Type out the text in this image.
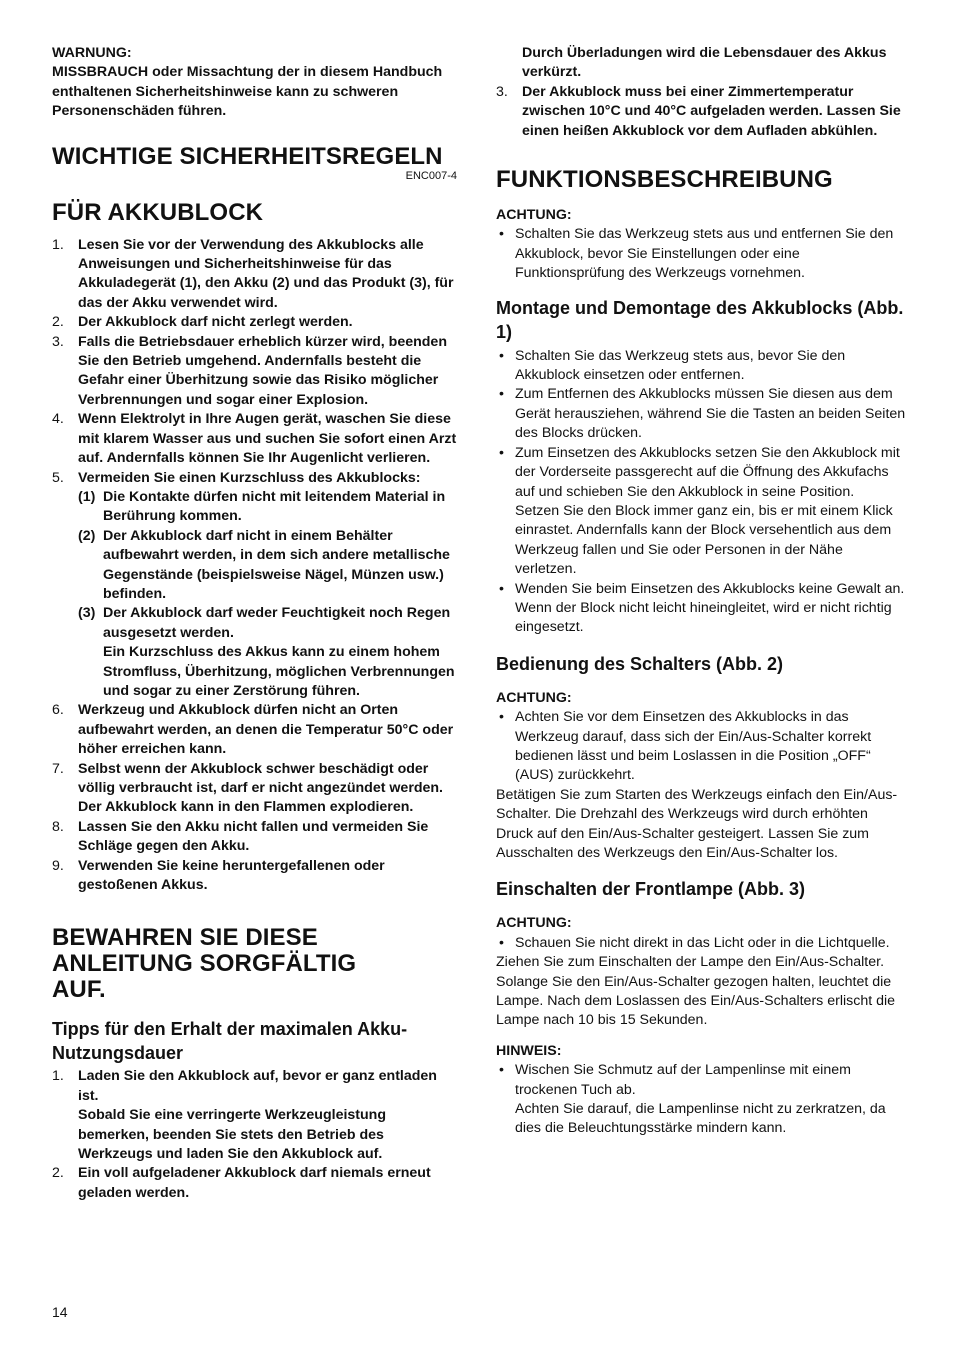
WARNUNG:

MISSBRAUCH oder Missachtung der in diesem Handbuch enthaltenen Sicherheitshinweise kann zu schweren Personenschäden führen.

WICHTIGE SICHERHEITSREGELN

ENC007-4

FÜR AKKUBLOCK
1. Lesen Sie vor der Verwendung des Akkublocks alle Anweisungen und Sicherheitshinweise für das Akkuladegerät (1), den Akku (2) und das Produkt (3), für das der Akku verwendet wird.
2. Der Akkublock darf nicht zerlegt werden.
3. Falls die Betriebsdauer erheblich kürzer wird, beenden Sie den Betrieb umgehend. Andernfalls besteht die Gefahr einer Überhitzung sowie das Risiko möglicher Verbrennungen und sogar einer Explosion.
4. Wenn Elektrolyt in Ihre Augen gerät, waschen Sie diese mit klarem Wasser aus und suchen Sie sofort einen Arzt auf. Andernfalls können Sie Ihr Augenlicht verlieren.
5. Vermeiden Sie einen Kurzschluss des Akkublocks:
(1) Die Kontakte dürfen nicht mit leitendem Material in Berührung kommen.
(2) Der Akkublock darf nicht in einem Behälter aufbewahrt werden, in dem sich andere metallische Gegenstände (beispielsweise Nägel, Münzen usw.) befinden.
(3) Der Akkublock darf weder Feuchtigkeit noch Regen ausgesetzt werden.
Ein Kurzschluss des Akkus kann zu einem hohem Stromfluss, Überhitzung, möglichen Verbrennungen und sogar zu einer Zerstörung führen.
6. Werkzeug und Akkublock dürfen nicht an Orten aufbewahrt werden, an denen die Temperatur 50°C oder höher erreichen kann.
7. Selbst wenn der Akkublock schwer beschädigt oder völlig verbraucht ist, darf er nicht angezündet werden. Der Akkublock kann in den Flammen explodieren.
8. Lassen Sie den Akku nicht fallen und vermeiden Sie Schläge gegen den Akku.
9. Verwenden Sie keine heruntergefallenen oder gestoßenen Akkus.
BEWAHREN SIE DIESE ANLEITUNG SORGFÄLTIG AUF.
Tipps für den Erhalt der maximalen Akku-Nutzungsdauer
1. Laden Sie den Akkublock auf, bevor er ganz entladen ist.
Sobald Sie eine verringerte Werkzeugleistung bemerken, beenden Sie stets den Betrieb des Werkzeugs und laden Sie den Akkublock auf.
2. Ein voll aufgeladener Akkublock darf niemals erneut geladen werden.
Durch Überladungen wird die Lebensdauer des Akkus verkürzt.
3. Der Akkublock muss bei einer Zimmertemperatur zwischen 10°C und 40°C aufgeladen werden. Lassen Sie einen heißen Akkublock vor dem Aufladen abkühlen.
FUNKTIONSBESCHREIBUNG

ACHTUNG:

• Schalten Sie das Werkzeug stets aus und entfernen Sie den Akkublock, bevor Sie Einstellungen oder eine Funktionsprüfung des Werkzeugs vornehmen.
Montage und Demontage des Akkublocks (Abb. 1)
• Schalten Sie das Werkzeug stets aus, bevor Sie den Akkublock einsetzen oder entfernen.
• Zum Entfernen des Akkublocks müssen Sie diesen aus dem Gerät herausziehen, während Sie die Tasten an beiden Seiten des Blocks drücken.
• Zum Einsetzen des Akkublocks setzen Sie den Akkublock mit der Vorderseite passgerecht auf die Öffnung des Akkufachs auf und schieben Sie den Akkublock in seine Position.
Setzen Sie den Block immer ganz ein, bis er mit einem Klick einrastet. Andernfalls kann der Block versehentlich aus dem Werkzeug fallen und Sie oder Personen in der Nähe verletzen.
• Wenden Sie beim Einsetzen des Akkublocks keine Gewalt an. Wenn der Block nicht leicht hineingleitet, wird er nicht richtig eingesetzt.
Bedienung des Schalters (Abb. 2)

ACHTUNG:

• Achten Sie vor dem Einsetzen des Akkublocks in das Werkzeug darauf, dass sich der Ein/Aus-Schalter korrekt bedienen lässt und beim Loslassen in die Position „OFF“ (AUS) zurückkehrt.

Betätigen Sie zum Starten des Werkzeugs einfach den Ein/Aus-Schalter. Die Drehzahl des Werkzeugs wird durch erhöhten Druck auf den Ein/Aus-Schalter gesteigert. Lassen Sie zum Ausschalten des Werkzeugs den Ein/Aus-Schalter los.

Einschalten der Frontlampe (Abb. 3)

ACHTUNG:

• Schauen Sie nicht direkt in das Licht oder in die Lichtquelle.

Ziehen Sie zum Einschalten der Lampe den Ein/Aus-Schalter. Solange Sie den Ein/Aus-Schalter gezogen halten, leuchtet die Lampe. Nach dem Loslassen des Ein/Aus-Schalters erlischt die Lampe nach 10 bis 15 Sekunden.

HINWEIS:

• Wischen Sie Schmutz auf der Lampenlinse mit einem trockenen Tuch ab.
Achten Sie darauf, die Lampenlinse nicht zu zerkratzen, da dies die Beleuchtungsstärke mindern kann.
14
